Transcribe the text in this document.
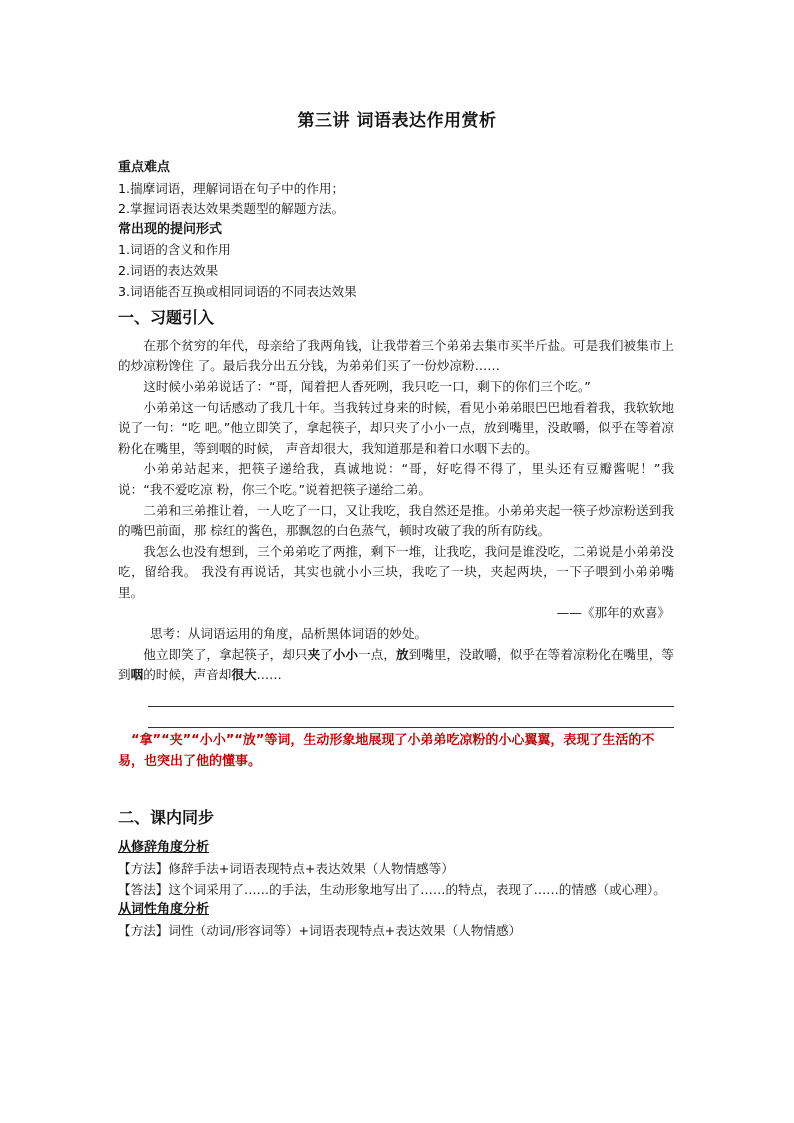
第三讲 词语表达作用赏析
重点难点
1.揣摩词语，理解词语在句子中的作用；
2.掌握词语表达效果类题型的解题方法。
常出现的提问形式
1.词语的含义和作用
2.词语的表达效果
3.词语能否互换或相同词语的不同表达效果
一、习题引入
在那个贫穷的年代，母亲给了我两角钱，让我带着三个弟弟去集市买半斤盐。可是我们被集市上的炒凉粉馋住 了。最后我分出五分钱，为弟弟们买了一份炒凉粉……
这时候小弟弟说话了：“哥，闻着把人香死咧，我只吃一口，剩下的你们三个吃。”
小弟弟这一句话感动了我几十年。当我转过身来的时候，看见小弟弟眼巴巴地看着我，我软软地说了一句：“吃 吧。”他立即笑了，拿起筷子，却只夹了小小一点，放到嘴里，没敢嚼，似乎在等着凉粉化在嘴里，等到咽的时候， 声音却很大，我知道那是和着口水咽下去的。
小弟弟站起来，把筷子递给我，真诚地说：“哥，好吃得不得了，里头还有豆瓣酱呢！”我说：“我不爱吃凉 粉，你三个吃。”说着把筷子递给二弟。
二弟和三弟推让着，一人吃了一口，又让我吃，我自然还是推。小弟弟夹起一筷子炒凉粉送到我的嘴巴前面，那 棕红的酱色，那飘忽的白色蒸气，顿时攻破了我的所有防线。
我怎么也没有想到，三个弟弟吃了两推，剩下一堆，让我吃，我问是谁没吃，二弟说是小弟弟没吃，留给我。 我没有再说话，其实也就小小三块，我吃了一块，夹起两块，一下子喂到小弟弟嘴里。
——《那年的欢喜》
思考：从词语运用的角度，品析黑体词语的妙处。
他立即笑了，拿起筷子，却只夹了小小一点，放到嘴里，没敢嚼，似乎在等着凉粉化在嘴里，等到咽的时候，声音却很大……
“拿”“夹”“小小”“放”等词，生动形象地展现了小弟弟吃凉粉的小心翼翼，表现了生活的不易，也突出了他的懂事。
二、课内同步
从修辞角度分析
【方法】修辞手法+词语表现特点+表达效果（人物情感等）
【答法】这个词采用了……的手法，生动形象地写出了……的特点，表现了……的情感（或心理）。
从词性角度分析
【方法】词性（动词/形容词等）+词语表现特点+表达效果（人物情感）
